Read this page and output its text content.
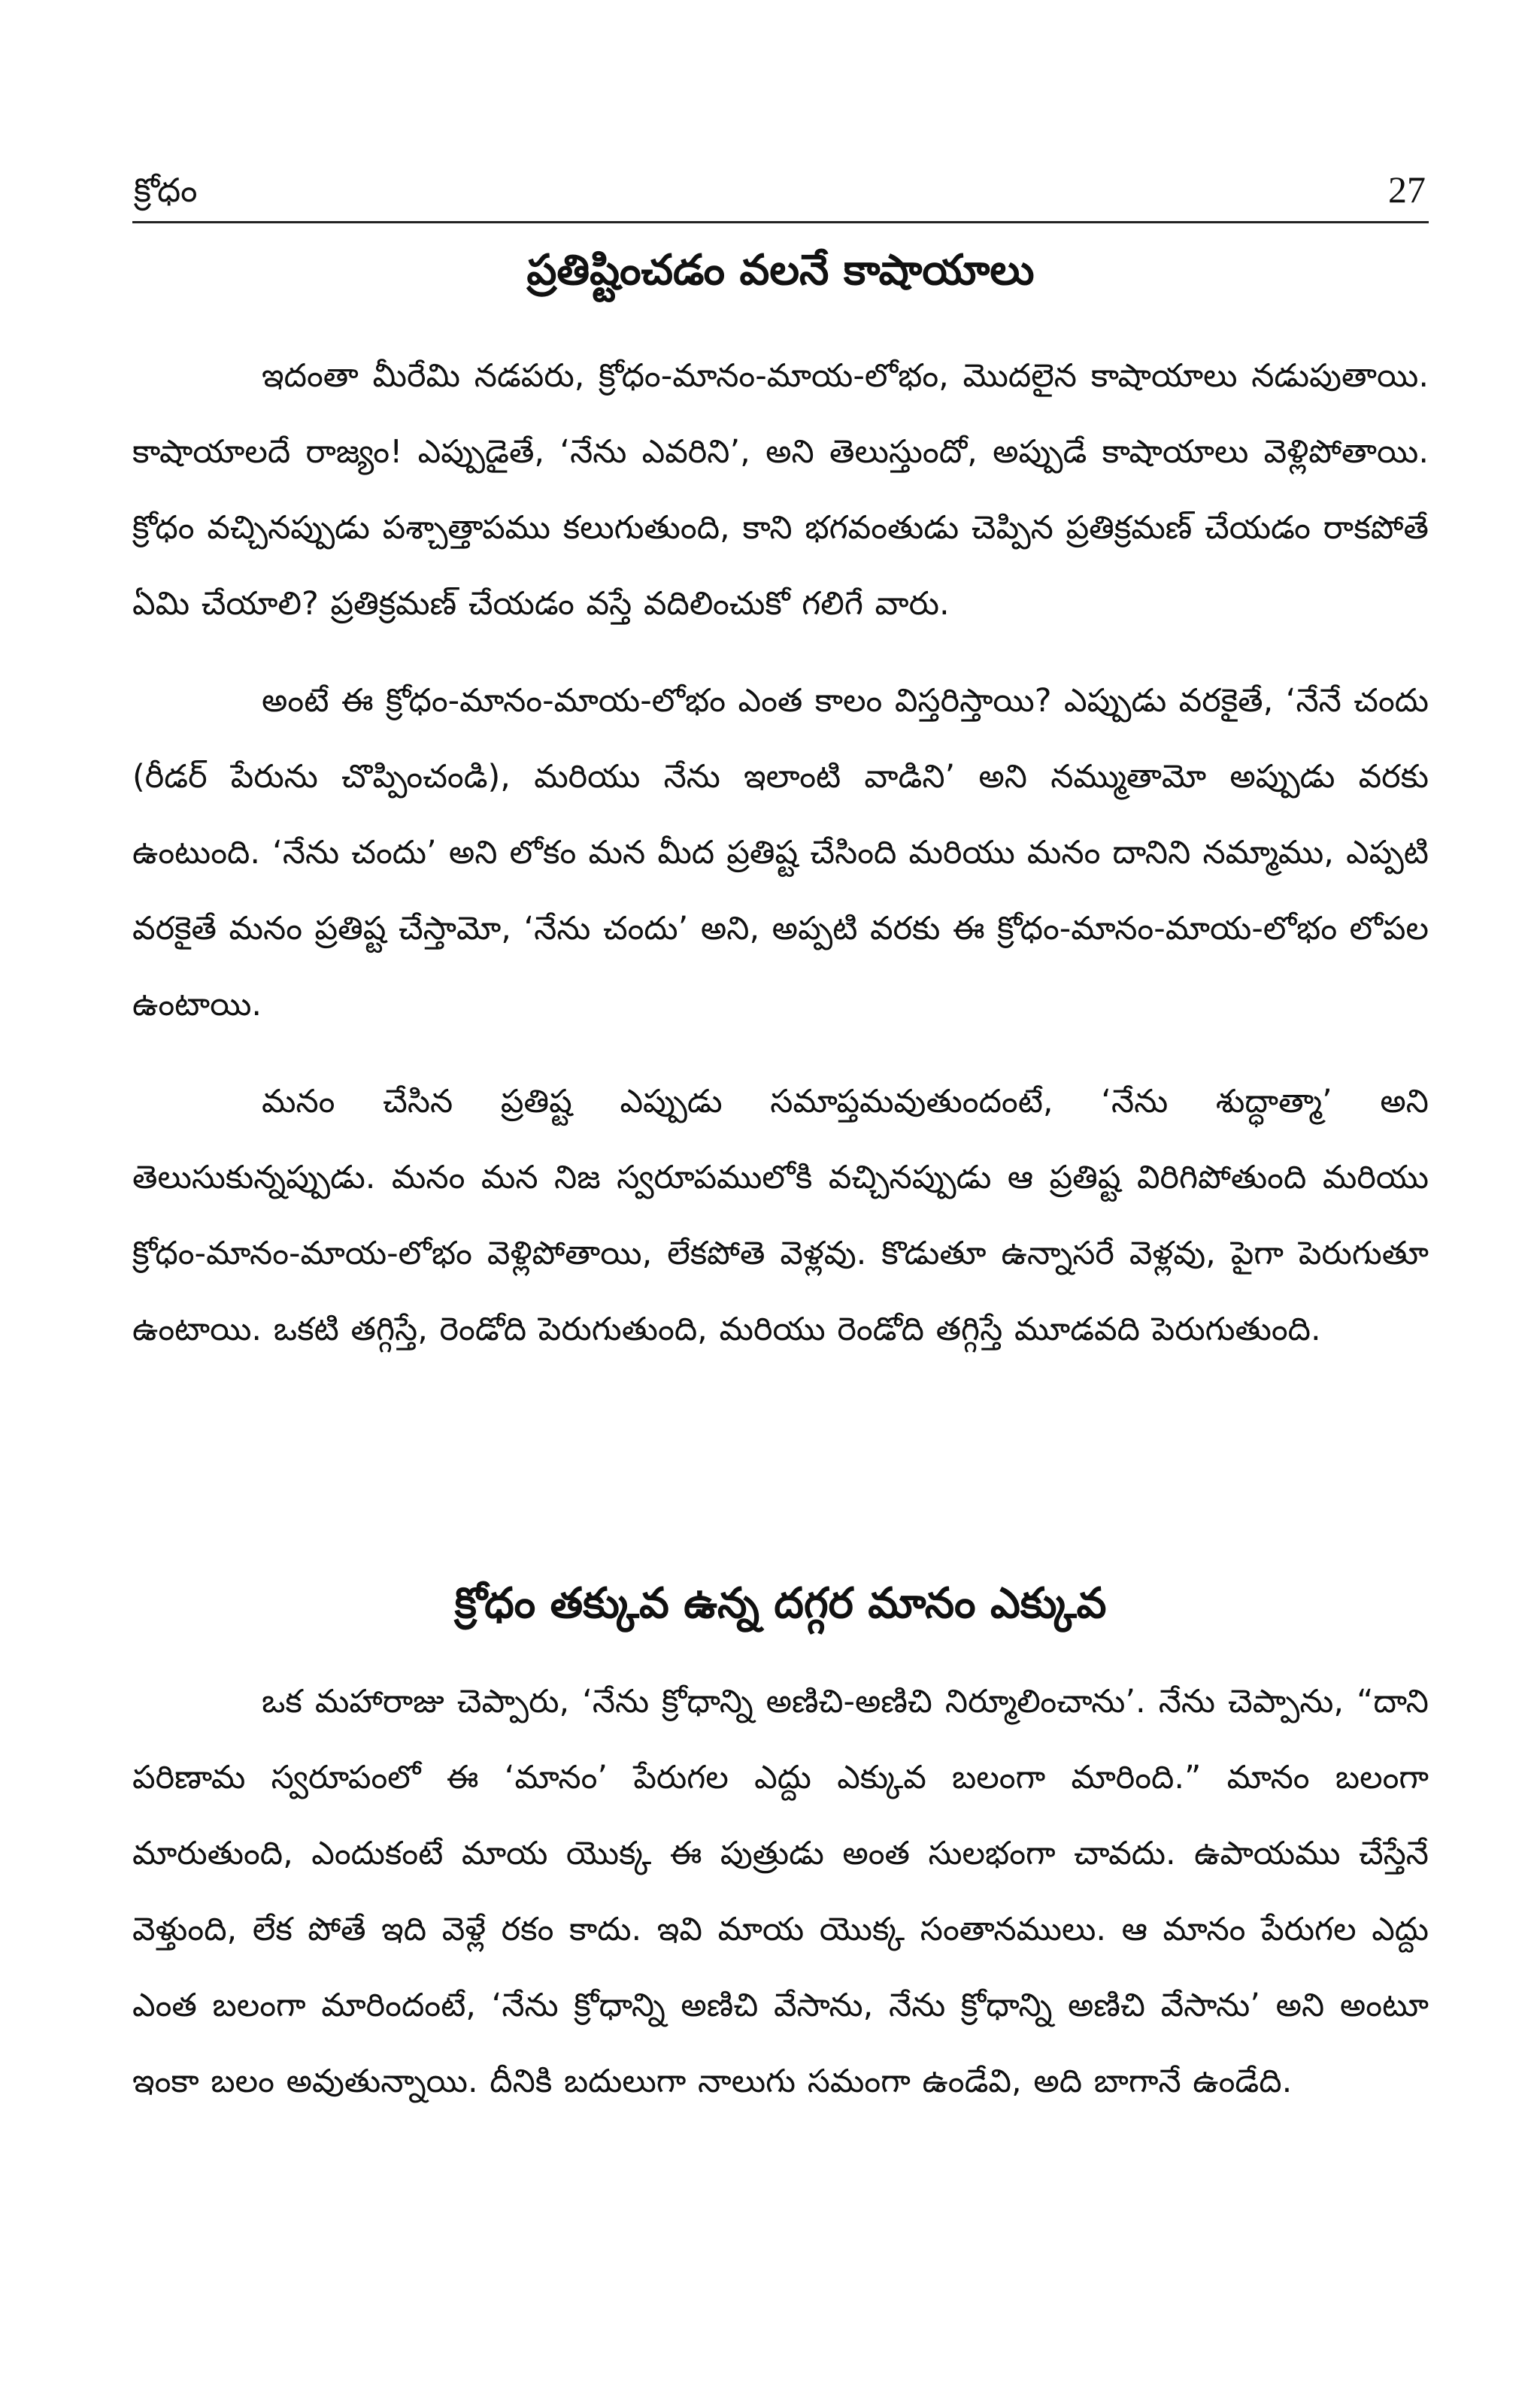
క్రోధం	27
ప్రతిష్టించడం వలనే కాషాయాలు

ఇదంతా మీరేమి నడపరు, క్రోధం-మానం-మాయ-లోభం, మొదలైన కాషాయాలు నడుపుతాయి. కాషాయాలదే రాజ్యం! ఎప్పుడైతే, ‘నేను ఎవరిని’, అని తెలుస్తుందో, అప్పుడే కాషాయాలు వెళ్లిపోతాయి. క్రోధం వచ్చినప్పుడు పశ్చాత్తాపము కలుగుతుంది, కాని భగవంతుడు చెప్పిన ప్రతిక్రమణ్ చేయడం రాకపోతే ఏమి చేయాలి? ప్రతిక్రమణ్ చేయడం వస్తే వదిలించుకో గలిగే వారు.

అంటే ఈ క్రోధం-మానం-మాయ-లోభం ఎంత కాలం విస్తరిస్తాయి? ఎప్పుడు వరకైతే, ‘నేనే చందు (రీడర్ పేరును చొప్పించండి), మరియు నేను ఇలాంటి వాడిని’ అని నమ్ముతామో అప్పుడు వరకు ఉంటుంది. ‘నేను చందు’ అని లోకం మన మీద ప్రతిష్ట చేసింది మరియు మనం దానిని నమ్మాము, ఎప్పటి వరకైతే మనం ప్రతిష్ట చేస్తామో, ‘నేను చందు’ అని, అప్పటి వరకు ఈ క్రోధం-మానం-మాయ-లోభం లోపల ఉంటాయి.

మనం చేసిన ప్రతిష్ట ఎప్పుడు సమాప్తమవుతుందంటే, ‘నేను శుద్ధాత్మా’ అని తెలుసుకున్నప్పుడు. మనం మన నిజ స్వరూపములోకి వచ్చినప్పుడు ఆ ప్రతిష్ట విరిగిపోతుంది మరియు క్రోధం-మానం-మాయ-లోభం వెళ్లిపోతాయి, లేకపోతె వెళ్లవు. కొడుతూ ఉన్నాసరే వెళ్లవు, పైగా పెరుగుతూ ఉంటాయి. ఒకటి తగ్గిస్తే, రెండోది పెరుగుతుంది, మరియు రెండోది తగ్గిస్తే మూడవది పెరుగుతుంది.

క్రోధం తక్కువ ఉన్న దగ్గర మానం ఎక్కువ

ఒక మహారాజు చెప్పారు, ‘నేను క్రోధాన్ని అణిచి-అణిచి నిర్మూలించాను’. నేను చెప్పాను, “దాని పరిణామ స్వరూపంలో ఈ ‘మానం’ పేరుగల ఎద్దు ఎక్కువ బలంగా మారింది.” మానం బలంగా మారుతుంది, ఎందుకంటే మాయ యొక్క ఈ పుత్రుడు అంత సులభంగా చావదు. ఉపాయము చేస్తేనే వెళ్తుంది, లేక పోతే ఇది వెళ్లే రకం కాదు. ఇవి మాయ యొక్క సంతానములు. ఆ మానం పేరుగల ఎద్దు ఎంత బలంగా మారిందంటే, ‘నేను క్రోధాన్ని అణిచి వేసాను, నేను క్రోధాన్ని అణిచి వేసాను’ అని అంటూ ఇంకా బలం అవుతున్నాయి. దీనికి బదులుగా నాలుగు సమంగా ఉండేవి, అది బాగానే ఉండేది.
